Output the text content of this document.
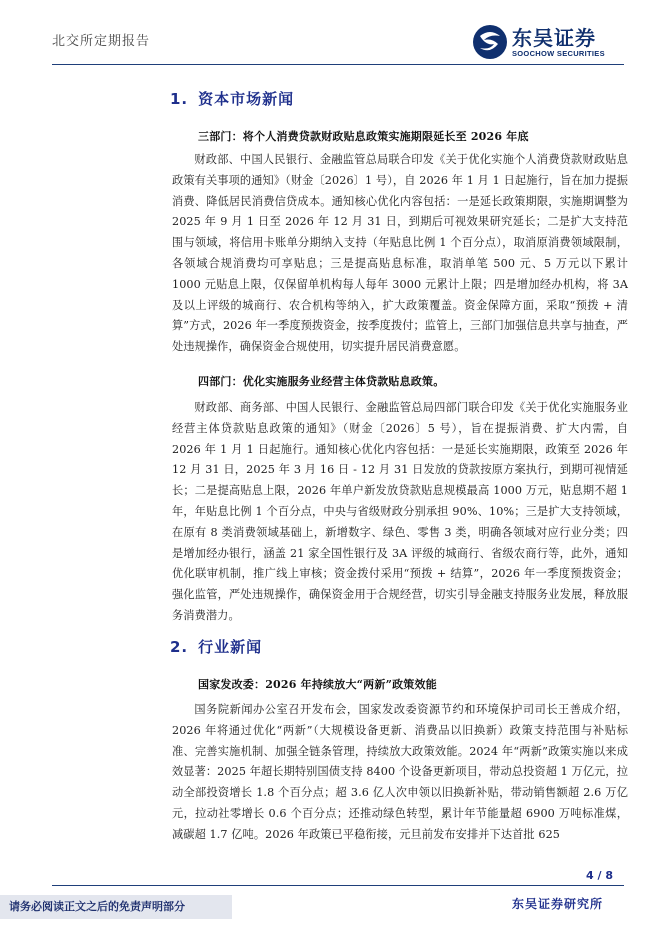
北交所定期报告	东吴证券
SOOCHOW SECURITIES
1. 资本市场新闻
三部门：将个人消费贷款财政贴息政策实施期限延长至 2026 年底

财政部、中国人民银行、金融监管总局联合印发《关于优化实施个人消费贷款财政贴息政策有关事项的通知》（财金〔2026〕1 号），自 2026 年 1 月 1 日起施行，旨在加力提振消费、降低居民消费信贷成本。通知核心优化内容包括：一是延长政策期限，实施期调整为 2025 年 9 月 1 日至 2026 年 12 月 31 日，到期后可视效果研究延长；二是扩大支持范围与领域，将信用卡账单分期纳入支持（年贴息比例 1 个百分点），取消原消费领域限制，各领域合规消费均可享贴息；三是提高贴息标准，取消单笔 500 元、5 万元以下累计 1000 元贴息上限，仅保留单机构每人每年 3000 元累计上限；四是增加经办机构，将 3A 及以上评级的城商行、农合机构等纳入，扩大政策覆盖。资金保障方面，采取“预拨 + 清算”方式，2026 年一季度预拨资金，按季度拨付；监管上，三部门加强信息共享与抽查，严处违规操作，确保资金合规使用，切实提升居民消费意愿。

四部门：优化实施服务业经营主体贷款贴息政策。

财政部、商务部、中国人民银行、金融监管总局四部门联合印发《关于优化实施服务业经营主体贷款贴息政策的通知》（财金〔2026〕5 号），旨在提振消费、扩大内需，自 2026 年 1 月 1 日起施行。通知核心优化内容包括：一是延长实施期限，政策至 2026 年 12 月 31 日，2025 年 3 月 16 日 - 12 月 31 日发放的贷款按原方案执行，到期可视情延长；二是提高贴息上限，2026 年单户新发放贷款贴息规模最高 1000 万元，贴息期不超 1 年，年贴息比例 1 个百分点，中央与省级财政分别承担 90%、10%；三是扩大支持领域，在原有 8 类消费领域基础上，新增数字、绿色、零售 3 类，明确各领域对应行业分类；四是增加经办银行，涵盖 21 家全国性银行及 3A 评级的城商行、省级农商行等，此外，通知优化联审机制，推广线上审核；资金拨付采用“预拨 + 结算”，2026 年一季度预拨资金；强化监管，严处违规操作，确保资金用于合规经营，切实引导金融支持服务业发展，释放服务消费潜力。

2. 行业新闻
国家发改委：2026 年持续放大“两新”政策效能

国务院新闻办公室召开发布会，国家发改委资源节约和环境保护司司长王善成介绍，2026 年将通过优化“两新”（大规模设备更新、消费品以旧换新）政策支持范围与补贴标准、完善实施机制、加强全链条管理，持续放大政策效能。2024 年“两新”政策实施以来成效显著：2025 年超长期特别国债支持 8400 个设备更新项目，带动总投资超 1 万亿元，拉动全部投资增长 1.8 个百分点；超 3.6 亿人次申领以旧换新补贴，带动销售额超 2.6 万亿元，拉动社零增长 0.6 个百分点；还推动绿色转型，累计年节能量超 6900 万吨标准煤，减碳超 1.7 亿吨。2026 年政策已平稳衔接，元旦前发布安排并下达首批 625

4 / 8
请务必阅读正文之后的免责声明部分	东吴证券研究所
